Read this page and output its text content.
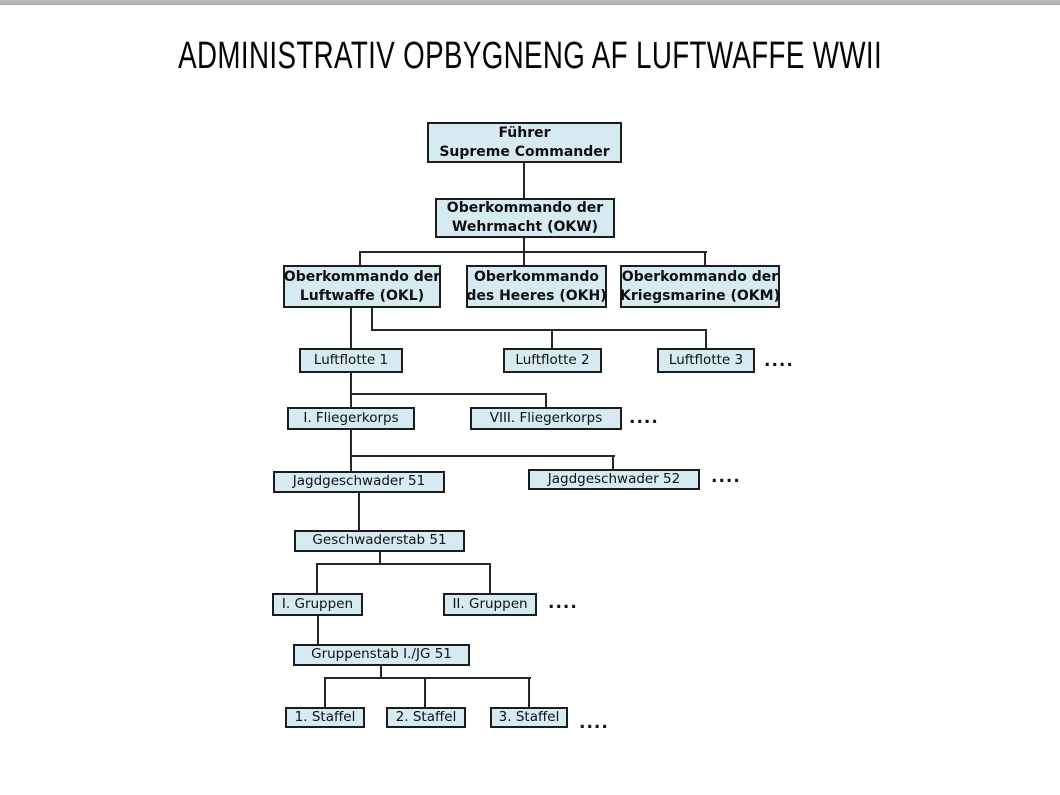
ADMINISTRATIV OPBYGNENG AF LUFTWAFFE WWII
Führer
Supreme Commander
Oberkommando der
Wehrmacht (OKW)
Oberkommando der
Luftwaffe (OKL)
Oberkommando
des Heeres (OKH)
Oberkommando der
Kriegsmarine (OKM)
Luftflotte 1	Luftflotte 2	Luftflotte 3 ....
I. Fliegerkorps	VIII. Fliegerkorps ....
Jagdgeschwader 51	Jagdgeschwader 52 ....
Geschwaderstab 51
I. Gruppen	II. Gruppen ....
Gruppenstab I./JG 51
1. Staffel	2. Staffel	3. Staffel ....
